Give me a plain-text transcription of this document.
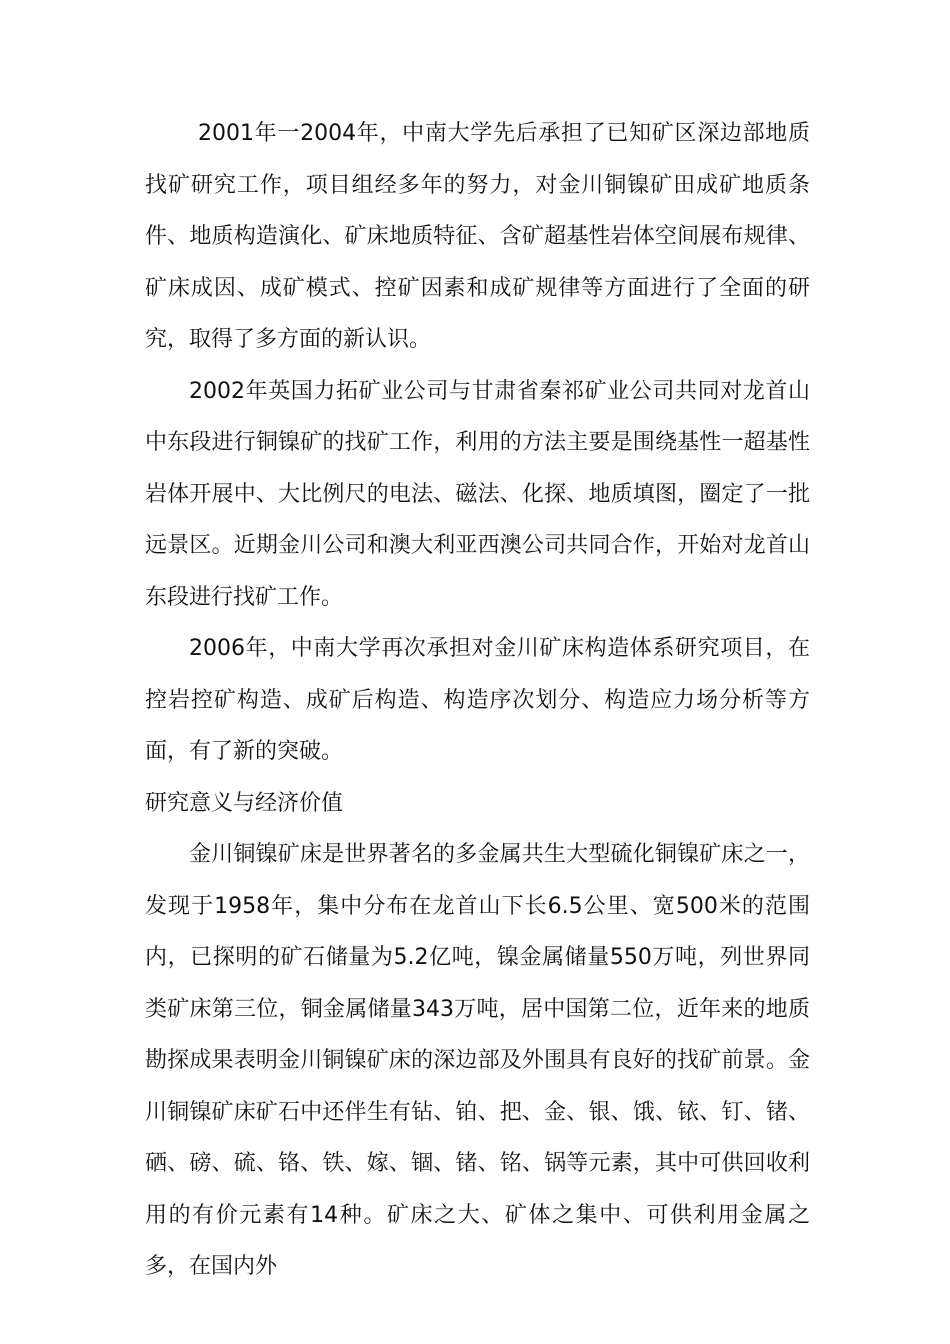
2001年一2004年，中南大学先后承担了已知矿区深边部地质找矿研究工作，项目组经多年的努力，对金川铜镍矿田成矿地质条件、地质构造演化、矿床地质特征、含矿超基性岩体空间展布规律、矿床成因、成矿模式、控矿因素和成矿规律等方面进行了全面的研究，取得了多方面的新认识。

2002年英国力拓矿业公司与甘肃省秦祁矿业公司共同对龙首山中东段进行铜镍矿的找矿工作，利用的方法主要是围绕基性一超基性岩体开展中、大比例尺的电法、磁法、化探、地质填图，圈定了一批远景区。近期金川公司和澳大利亚西澳公司共同合作，开始对龙首山东段进行找矿工作。

2006年，中南大学再次承担对金川矿床构造体系研究项目，在控岩控矿构造、成矿后构造、构造序次划分、构造应力场分析等方面，有了新的突破。

研究意义与经济价值

金川铜镍矿床是世界著名的多金属共生大型硫化铜镍矿床之一，发现于1958年，集中分布在龙首山下长6.5公里、宽500米的范围内，已探明的矿石储量为5.2亿吨，镍金属储量550万吨，列世界同类矿床第三位，铜金属储量343万吨，居中国第二位，近年来的地质勘探成果表明金川铜镍矿床的深边部及外围具有良好的找矿前景。金川铜镍矿床矿石中还伴生有钻、铂、把、金、银、饿、铱、钉、锗、硒、磅、硫、铬、铁、嫁、锢、锗、铭、锅等元素，其中可供回收利用的有价元素有14种。矿床之大、矿体之集中、可供利用金属之多，在国内外
